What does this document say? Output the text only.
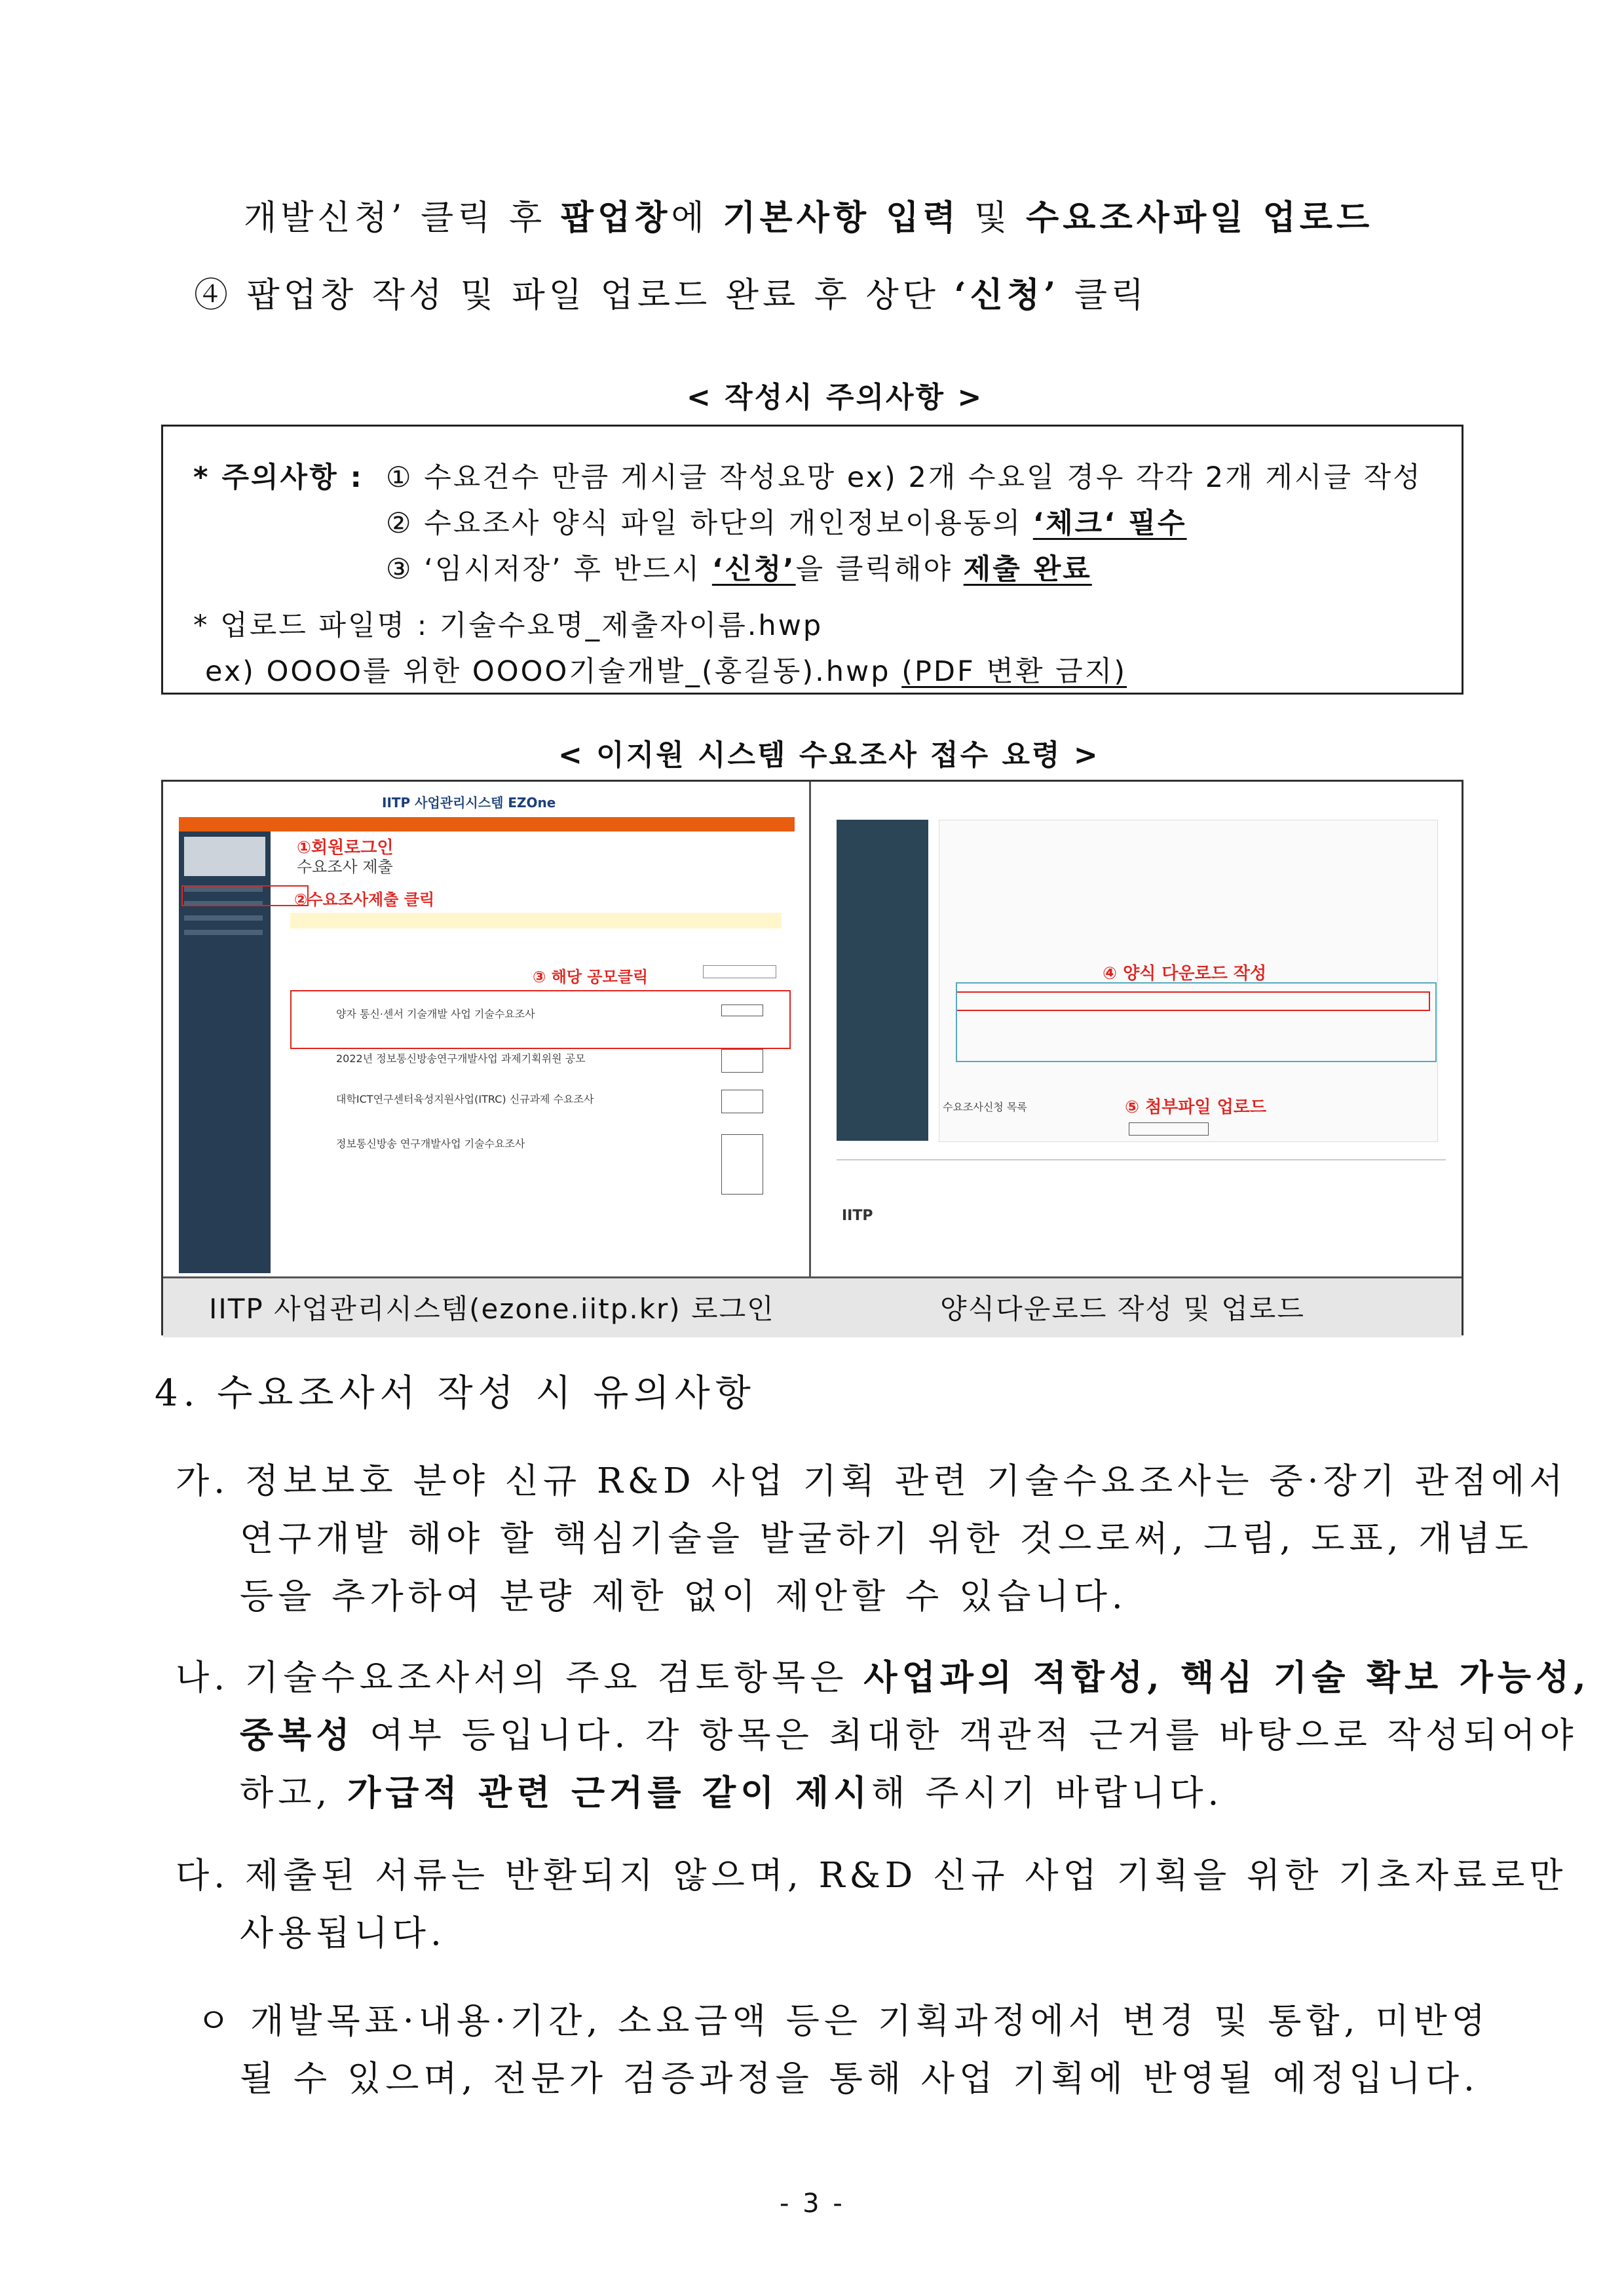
개발신청’ 클릭 후 팝업창에 기본사항 입력 및 수요조사파일 업로드
④ 팝업창 작성 및 파일 업로드 완료 후 상단 ‘신청’ 클릭
< 작성시 주의사항 >
* 주의사항 : ① 수요건수 만큼 게시글 작성요망 ex) 2개 수요일 경우 각각 2개 게시글 작성
② 수요조사 양식 파일 하단의 개인정보이용동의 ‘체크‘ 필수
③ ‘임시저장’ 후 반드시 ‘신청’을 클릭해야 제출 완료
* 업로드 파일명 : 기술수요명_제출자이름.hwp
ex) OOOO를 위한 OOOO기술개발_(홍길동).hwp (PDF 변환 금지)
< 이지원 시스템 수요조사 접수 요령 >
IITP 사업관리시스템 EZOne
①회원로그인
수요조사 제출
②수요조사제출 클릭
③ 해당 공모클릭
양자 통신·센서 기술개발 사업 기술수요조사
2022년 정보통신방송연구개발사업 과제기획위원 공모
대학ICT연구센터육성지원사업(ITRC) 신규과제 수요조사
정보통신방송 연구개발사업 기술수요조사
④ 양식 다운로드 작성
수요조사신청 목록	⑤ 첨부파일 업로드
IITP
IITP 사업관리시스템(ezone.iitp.kr) 로그인	양식다운로드 작성 및 업로드
4. 수요조사서 작성 시 유의사항
가. 정보보호 분야 신규 R&D 사업 기획 관련 기술수요조사는 중·장기 관점에서
연구개발 해야 할 핵심기술을 발굴하기 위한 것으로써, 그림, 도표, 개념도
등을 추가하여 분량 제한 없이 제안할 수 있습니다.
나. 기술수요조사서의 주요 검토항목은 사업과의 적합성, 핵심 기술 확보 가능성,
중복성 여부 등입니다. 각 항목은 최대한 객관적 근거를 바탕으로 작성되어야
하고, 가급적 관련 근거를 같이 제시해 주시기 바랍니다.
다. 제출된 서류는 반환되지 않으며, R&D 신규 사업 기획을 위한 기초자료로만
사용됩니다.
ㅇ 개발목표·내용·기간, 소요금액 등은 기획과정에서 변경 및 통합, 미반영
될 수 있으며, 전문가 검증과정을 통해 사업 기획에 반영될 예정입니다.
- 3 -
